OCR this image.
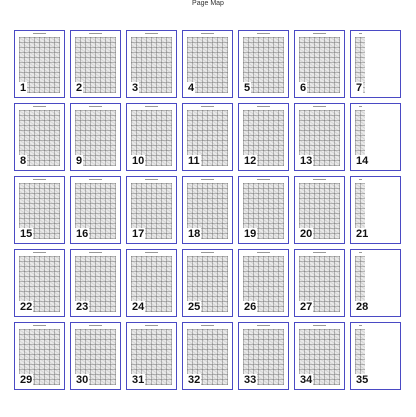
Page Map
1	2	3	4	5	6	7
8	9	10	11	12	13	14
15	16	17	18	19	20	21
22	23	24	25	26	27	28
29	30	31	32	33	34	35
